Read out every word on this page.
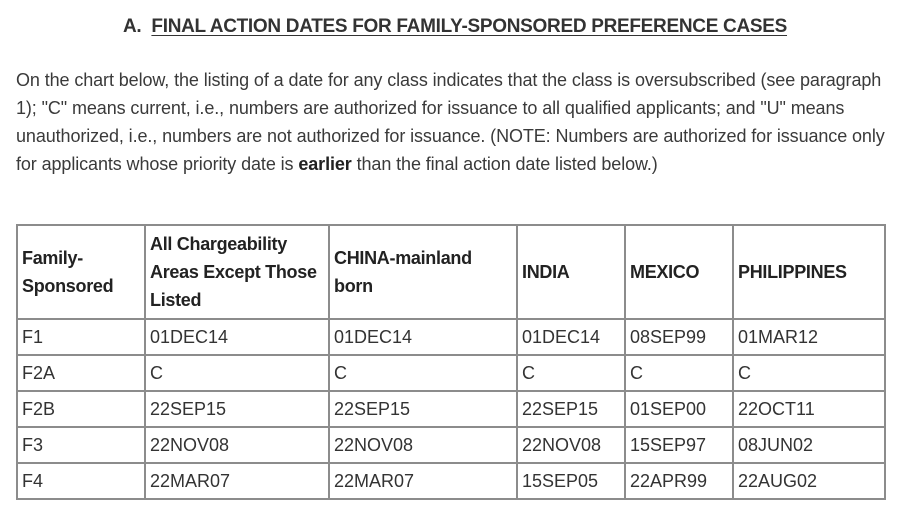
A. FINAL ACTION DATES FOR FAMILY-SPONSORED PREFERENCE CASES
On the chart below, the listing of a date for any class indicates that the class is oversubscribed (see paragraph 1); "C" means current, i.e., numbers are authorized for issuance to all qualified applicants; and "U" means unauthorized, i.e., numbers are not authorized for issuance. (NOTE: Numbers are authorized for issuance only for applicants whose priority date is earlier than the final action date listed below.)
Family-Sponsored	All Chargeability Areas Except Those Listed	CHINA-mainland born	INDIA	MEXICO	PHILIPPINES
F1	01DEC14	01DEC14	01DEC14	08SEP99	01MAR12
F2A	C	C	C	C	C
F2B	22SEP15	22SEP15	22SEP15	01SEP00	22OCT11
F3	22NOV08	22NOV08	22NOV08	15SEP97	08JUN02
F4	22MAR07	22MAR07	15SEP05	22APR99	22AUG02
